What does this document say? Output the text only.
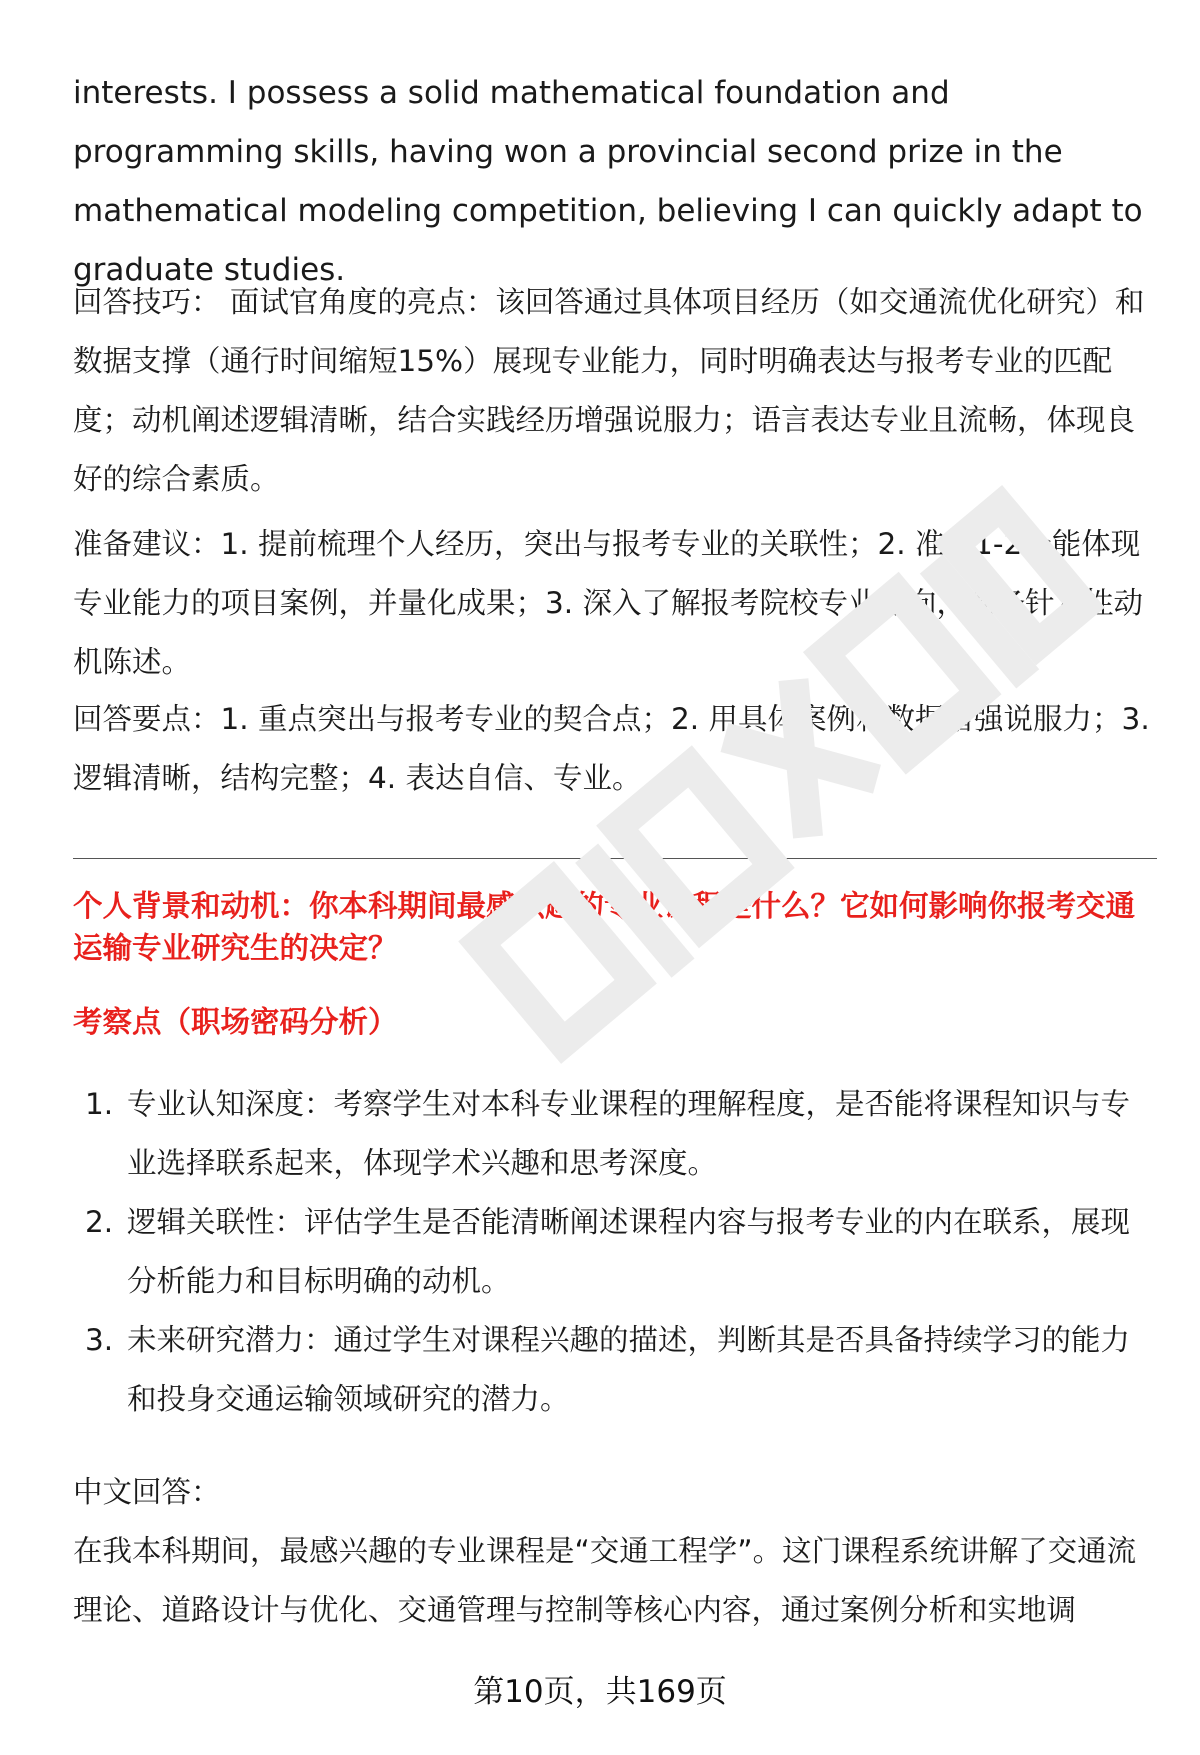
interests. I possess a solid mathematical foundation and programming skills, having won a provincial second prize in the mathematical modeling competition, believing I can quickly adapt to graduate studies.

回答技巧： 面试官角度的亮点：该回答通过具体项目经历（如交通流优化研究）和数据支撑（通行时间缩短15%）展现专业能力，同时明确表达与报考专业的匹配度；动机阐述逻辑清晰，结合实践经历增强说服力；语言表达专业且流畅，体现良好的综合素质。

准备建议：1. 提前梳理个人经历，突出与报考专业的关联性；2. 准备1-2个能体现专业能力的项目案例，并量化成果；3. 深入了解报考院校专业方向，准备针对性动机陈述。

回答要点：1. 重点突出与报考专业的契合点；2. 用具体案例和数据增强说服力；3. 逻辑清晰，结构完整；4. 表达自信、专业。

个人背景和动机：你本科期间最感兴趣的专业课程是什么？它如何影响你报考交通运输专业研究生的决定？

考察点（职场密码分析）

1. 专业认知深度：考察学生对本科专业课程的理解程度，是否能将课程知识与专业选择联系起来，体现学术兴趣和思考深度。
2. 逻辑关联性：评估学生是否能清晰阐述课程内容与报考专业的内在联系，展现分析能力和目标明确的动机。
3. 未来研究潜力：通过学生对课程兴趣的描述，判断其是否具备持续学习的能力和投身交通运输领域研究的潜力。

中文回答：

在我本科期间，最感兴趣的专业课程是“交通工程学”。这门课程系统讲解了交通流理论、道路设计与优化、交通管理与控制等核心内容，通过案例分析和实地调

第10页，共169页
